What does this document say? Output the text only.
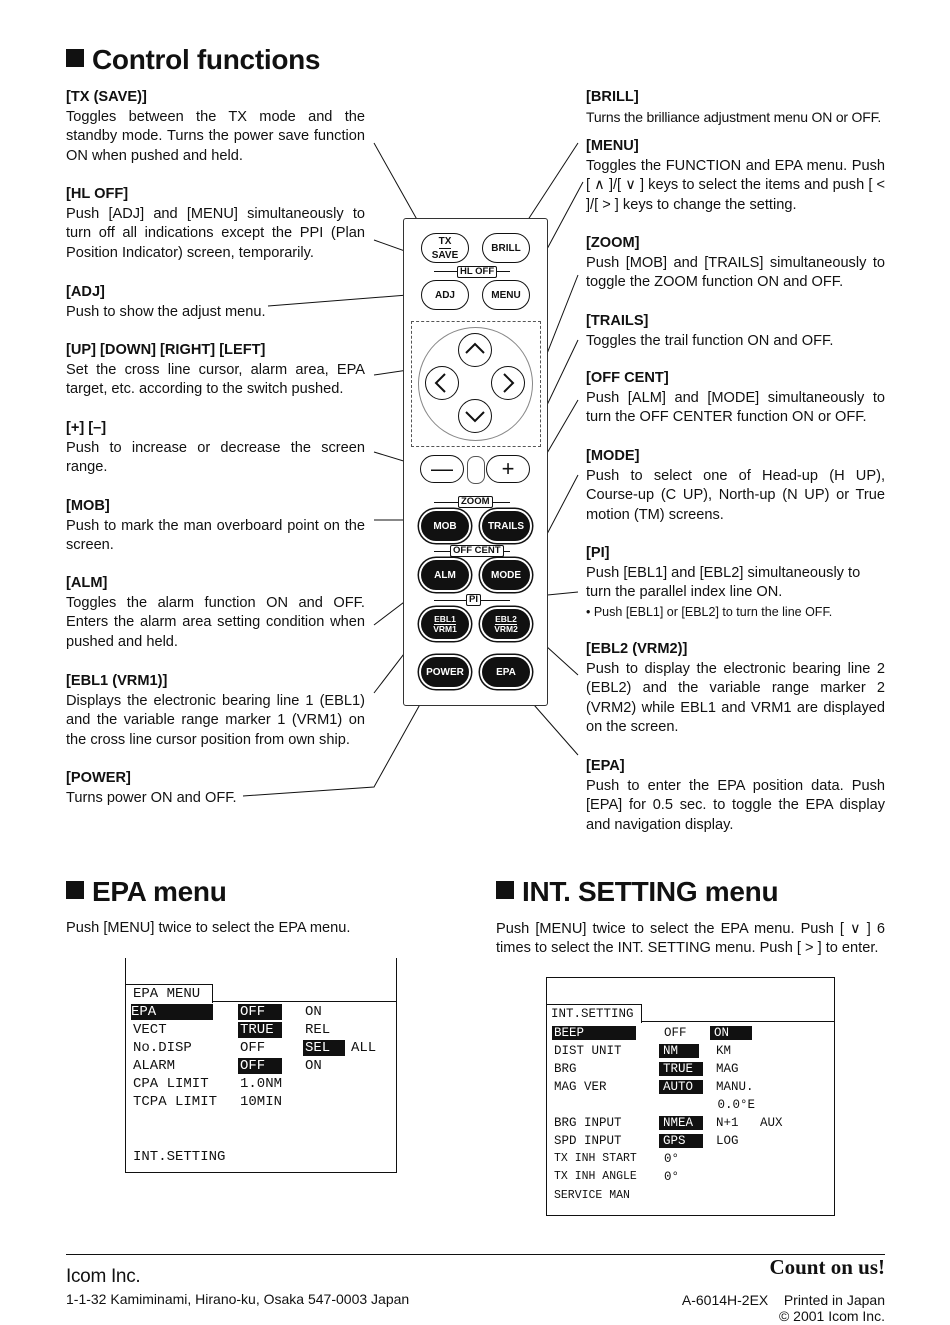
Control functions
[TX (SAVE)]
Toggles between the TX mode and the standby mode. Turns the power save function ON when pushed and held.
[HL OFF]
Push [ADJ] and [MENU] simultaneously to turn off all indications except the PPI (Plan Position Indicator) screen, temporarily.
[ADJ]
Push to show the adjust menu.
[UP] [DOWN] [RIGHT] [LEFT]
Set the cross line cursor, alarm area, EPA target, etc. according to the switch pushed.
[+] [–]
Push to increase or decrease the screen range.
[MOB]
Push to mark the man overboard point on the screen.
[ALM]
Toggles the alarm function ON and OFF. Enters the alarm area setting condition when pushed and held.
[EBL1 (VRM1)]
Displays the electronic bearing line 1 (EBL1) and the variable range marker 1 (VRM1) on the cross line cursor position from own ship.
[POWER]
Turns power ON and OFF.
[BRILL]
Turns the brilliance adjustment menu ON or OFF.
[MENU]
Toggles the FUNCTION and EPA menu. Push [ ∧ ]/[ ∨ ] keys to select the items and push [ < ]/[ > ] keys to change the setting.
[ZOOM]
Push [MOB] and [TRAILS] simultaneously to toggle the ZOOM function ON and OFF.
[TRAILS]
Toggles the trail function ON and OFF.
[OFF CENT]
Push [ALM] and [MODE] simultaneously to turn the OFF CENTER function ON or OFF.
[MODE]
Push to select one of Head-up (H UP), Course-up (C UP), North-up (N UP) or True motion (TM) screens.
[PI]
Push [EBL1] and [EBL2] simultaneously to turn the parallel index line ON.
• Push [EBL1] or [EBL2] to turn the line OFF.
[EBL2 (VRM2)]
Push to display the electronic bearing line 2 (EBL2) and the variable range marker 2 (VRM2) while EBL1 and VRM1 are displayed on the screen.
[EPA]
Push to enter the EPA position data. Push [EPA] for 0.5 sec. to toggle the EPA display and navigation display.
TX
SAVE
BRILL
HL OFF
ADJ	MENU
— +
ZOOM
MOB	TRAILS
OFF CENT
ALM	MODE
PI
EBL1
VRM1
EBL2
VRM2
POWER	EPA
EPA menu
Push [MENU] twice to select the EPA menu.
EPA MENU
EPA	OFF	ON
VECT	TRUE	REL
No.DISP	OFF	SEL	ALL
ALARM	OFF	ON
CPA LIMIT 1.0NM
TCPA LIMIT 10MIN
INT.SETTING
INT. SETTING menu
Push [MENU] twice to select the EPA menu. Push [ ∨ ] 6
times to select the INT. SETTING menu. Push [ > ] to enter.
INT.SETTING
BEEP	OFF	ON
DIST UNIT	NM	KM
BRG	TRUE	MAG
MAG VER	AUTO	MANU.
0.0°E
BRG INPUT	NMEA	N+1 AUX
SPD INPUT	GPS	LOG
TX INH START 0°
TX INH ANGLE 0°
SERVICE MAN
Icom Inc.
1-1-32 Kamiminami, Hirano-ku, Osaka 547-0003 Japan
Count on us!
A-6014H-2EX    Printed in Japan
© 2001 Icom Inc.
